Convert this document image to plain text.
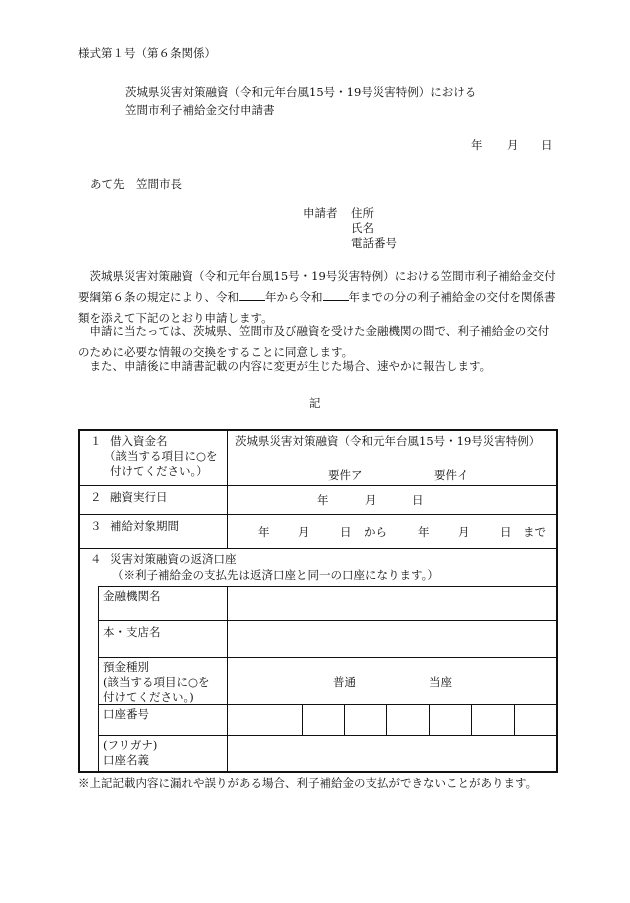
様式第１号（第６条関係）
茨城県災害対策融資（令和元年台風15号・19号災害特例）における
笠間市利子補給金交付申請書
年 月 日
あて先　笠間市長
申請者 住所
氏名
電話番号
茨城県災害対策融資（令和元年台風15号・19号災害特例）における笠間市利子補給金交付要綱第６条の規定により、令和 年から令和 年までの分の利子補給金の交付を関係書類を添えて下記のとおり申請します。
申請に当たっては、茨城県、笠間市及び融資を受けた金融機関の間で、利子補給金の交付のために必要な情報の交換をすることに同意します。
また、申請後に申請書記載の内容に変更が生じた場合、速やかに報告します。
記
１ 借入資金名
（該当する項目に○を
付けてください。）
茨城県災害対策融資（令和元年台風15号・19号災害特例）
要件ア	要件イ
２ 融資実行日	年	月	日
３ 補給対象期間	年 月	日 から	年 月	日 まで
４ 災害対策融資の返済口座
（※利子補給金の支払先は返済口座と同一の口座になります。）
金融機関名
本・支店名
預金種別
(該当する項目に○を
付けてください。)
普通	当座
口座番号
(フリガナ)
口座名義
※上記記載内容に漏れや誤りがある場合、利子補給金の支払ができないことがあります。
